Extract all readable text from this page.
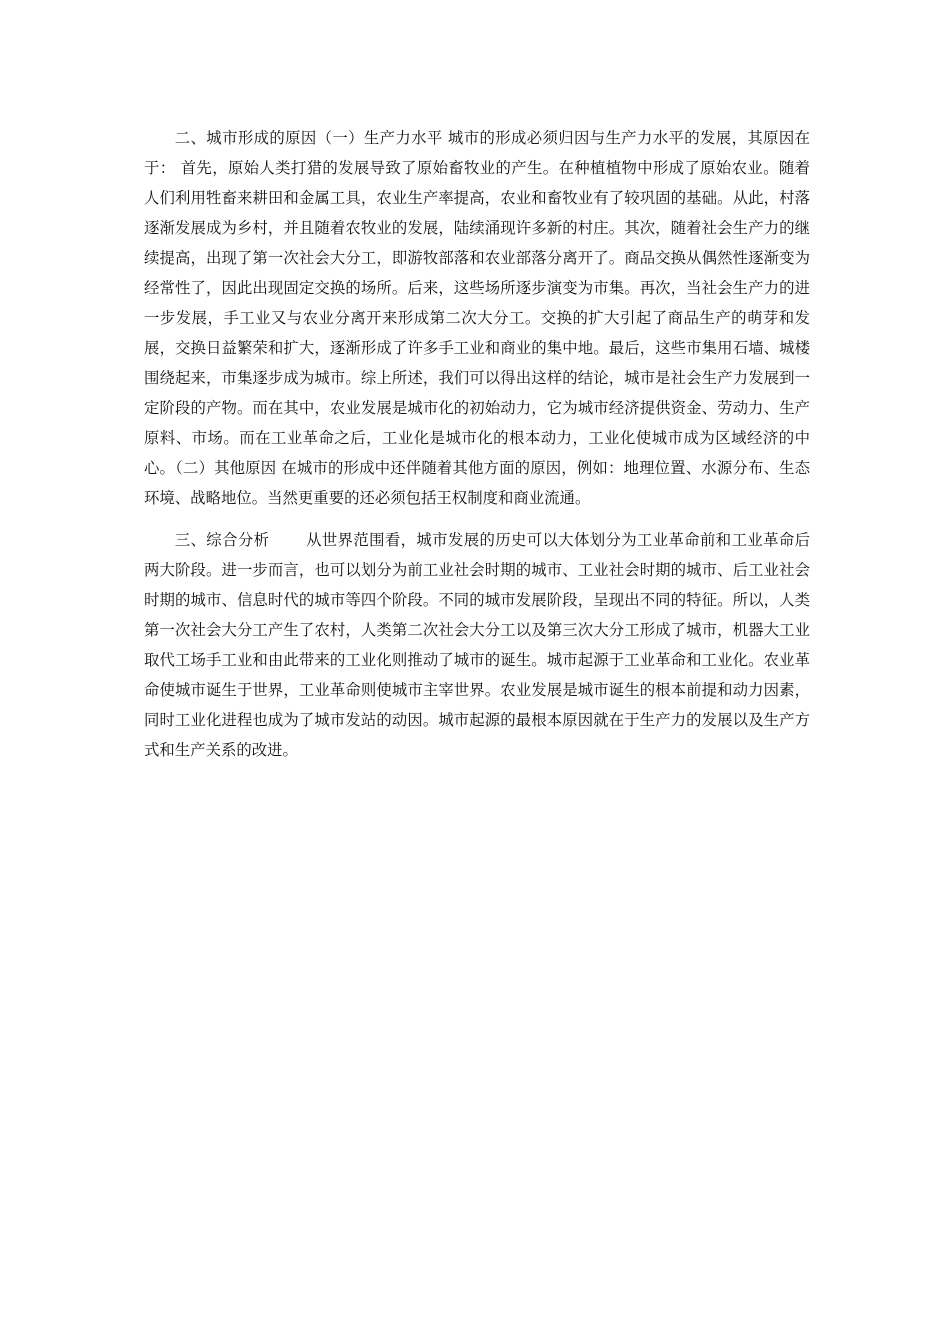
二、城市形成的原因（一）生产力水平 城市的形成必须归因与生产力水平的发展，其原因在于： 首先，原始人类打猎的发展导致了原始畜牧业的产生。在种植植物中形成了原始农业。随着人们利用牲畜来耕田和金属工具，农业生产率提高，农业和畜牧业有了较巩固的基础。从此，村落逐渐发展成为乡村，并且随着农牧业的发展，陆续涌现许多新的村庄。其次，随着社会生产力的继续提高，出现了第一次社会大分工，即游牧部落和农业部落分离开了。商品交换从偶然性逐渐变为经常性了，因此出现固定交换的场所。后来，这些场所逐步演变为市集。再次，当社会生产力的进一步发展，手工业又与农业分离开来形成第二次大分工。交换的扩大引起了商品生产的萌芽和发展，交换日益繁荣和扩大，逐渐形成了许多手工业和商业的集中地。最后，这些市集用石墙、城楼围绕起来，市集逐步成为城市。综上所述，我们可以得出这样的结论，城市是社会生产力发展到一定阶段的产物。而在其中，农业发展是城市化的初始动力，它为城市经济提供资金、劳动力、生产原料、市场。而在工业革命之后，工业化是城市化的根本动力，工业化使城市成为区域经济的中心。（二）其他原因 在城市的形成中还伴随着其他方面的原因，例如：地理位置、水源分布、生态环境、战略地位。当然更重要的还必须包括王权制度和商业流通。

三、综合分析　　 从世界范围看，城市发展的历史可以大体划分为工业革命前和工业革命后两大阶段。进一步而言，也可以划分为前工业社会时期的城市、工业社会时期的城市、后工业社会时期的城市、信息时代的城市等四个阶段。不同的城市发展阶段，呈现出不同的特征。所以，人类第一次社会大分工产生了农村，人类第二次社会大分工以及第三次大分工形成了城市，机器大工业取代工场手工业和由此带来的工业化则推动了城市的诞生。城市起源于工业革命和工业化。农业革命使城市诞生于世界，工业革命则使城市主宰世界。农业发展是城市诞生的根本前提和动力因素，同时工业化进程也成为了城市发站的动因。城市起源的最根本原因就在于生产力的发展以及生产方式和生产关系的改进。
